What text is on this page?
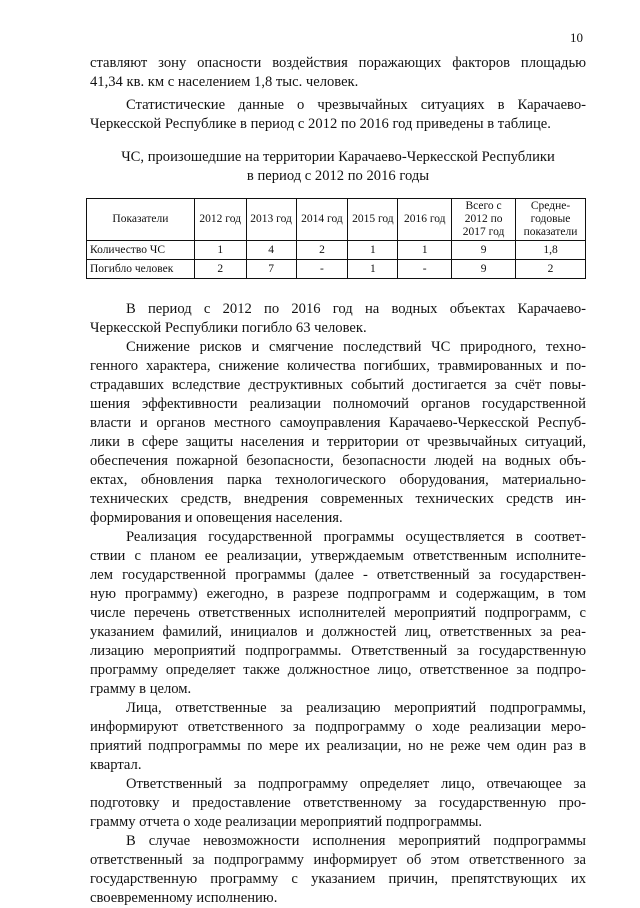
10

ставляют зону опасности воздействия поражающих факторов площадью
41,34 кв. км с населением 1,8 тыс. человек.

Статистические данные о чрезвычайных ситуациях в Карачаево-
Черкесской Республике в период с 2012 по 2016 год приведены в таблице.

ЧС, произошедшие на территории Карачаево-Черкесской Республики
в период с 2012 по 2016 годы

Показатели	2012 год	2013 год	2014 год	2015 год	2016 год	Всего с 2012 по 2017 год	Средне-годовые показатели
Количество ЧС	1	4	2	1	1	9	1,8
Погибло человек	2	7	-	1	-	9	2

В период с 2012 по 2016 год на водных объектах Карачаево-
Черкесской Республики погибло 63 человек.

Снижение рисков и смягчение последствий ЧС природного, техно-
генного характера, снижение количества погибших, травмированных и по-
страдавших вследствие деструктивных событий достигается за счёт повы-
шения эффективности реализации полномочий органов государственной
власти и органов местного самоуправления Карачаево-Черкесской Респуб-
лики в сфере защиты населения и территории от чрезвычайных ситуаций,
обеспечения пожарной безопасности, безопасности людей на водных объ-
ектах, обновления парка технологического оборудования, материально-
технических средств, внедрения современных технических средств ин-
формирования и оповещения населения.

Реализация государственной программы осуществляется в соответ-
ствии с планом ее реализации, утверждаемым ответственным исполните-
лем государственной программы (далее - ответственный за государствен-
ную программу) ежегодно, в разрезе подпрограмм и содержащим, в том
числе перечень ответственных исполнителей мероприятий подпрограмм, с
указанием фамилий, инициалов и должностей лиц, ответственных за реа-
лизацию мероприятий подпрограммы. Ответственный за государственную
программу определяет также должностное лицо, ответственное за подпро-
грамму в целом.

Лица, ответственные за реализацию мероприятий подпрограммы,
информируют ответственного за подпрограмму о ходе реализации меро-
приятий подпрограммы по мере их реализации, но не реже чем один раз в
квартал.

Ответственный за подпрограмму определяет лицо, отвечающее за
подготовку и предоставление ответственному за государственную про-
грамму отчета о ходе реализации мероприятий подпрограммы.

В случае невозможности исполнения мероприятий подпрограммы
ответственный за подпрограмму информирует об этом ответственного за
государственную программу с указанием причин, препятствующих их
своевременному исполнению.
